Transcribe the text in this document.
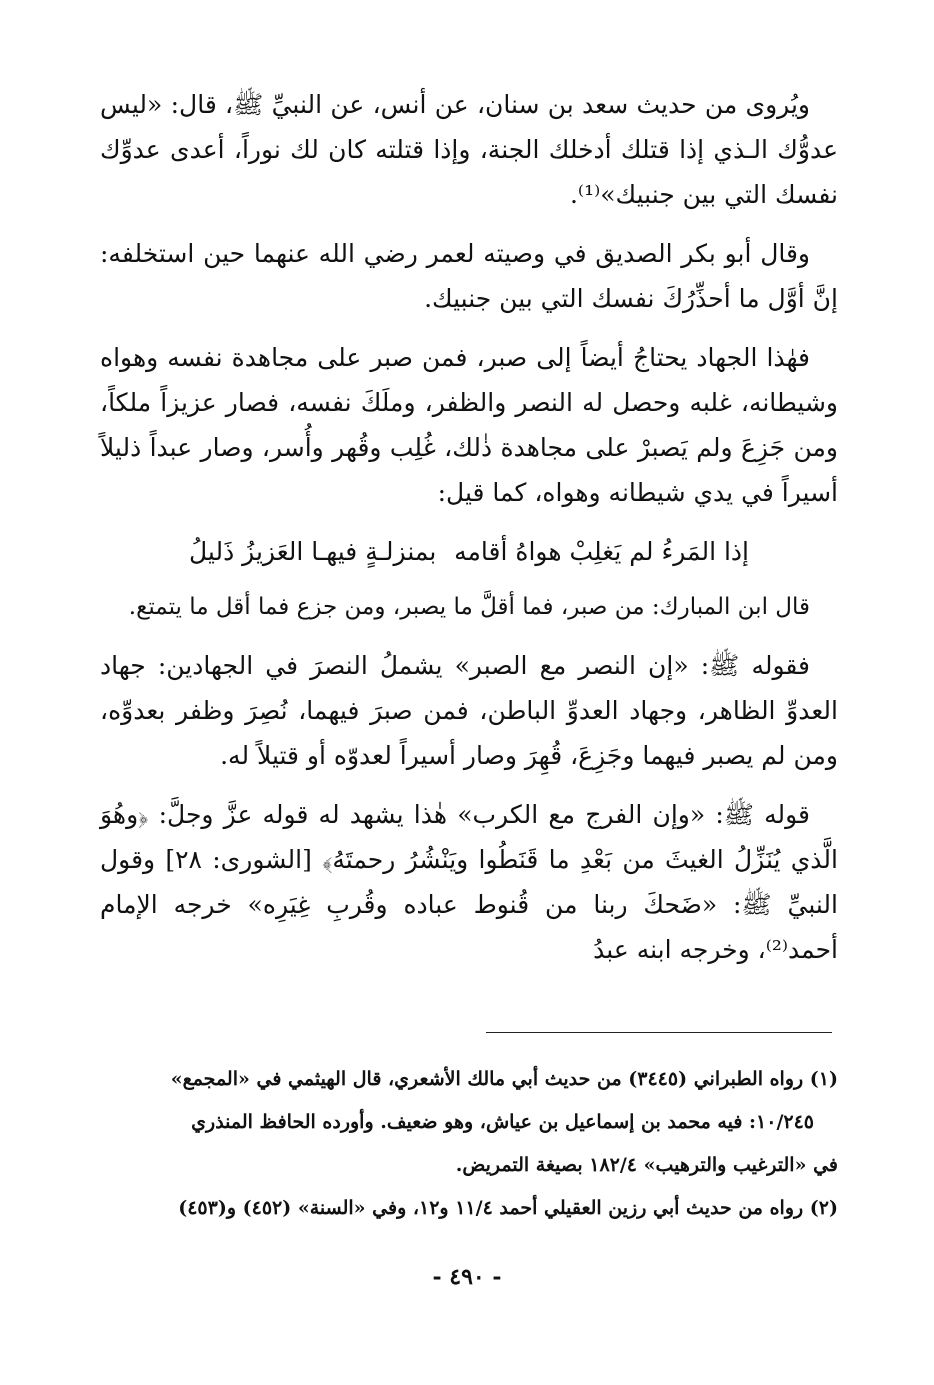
ويُروى من حديث سعد بن سنان، عن أنس، عن النبيِّ ﷺ، قال: «ليس عدوُّك الـذي إذا قتلك أدخلك الجنة، وإذا قتلته كان لك نوراً، أعدى عدوِّك نفسك التي بين جنبيك»⁽¹⁾.

وقال أبو بكر الصديق في وصيته لعمر رضي الله عنهما حين استخلفه: إنَّ أوَّل ما أحذِّرُكَ نفسك التي بين جنبيك.

فهٰذا الجهاد يحتاجُ أيضاً إلى صبر، فمن صبر على مجاهدة نفسه وهواه وشيطانه، غلبه وحصل له النصر والظفر، وملَكَ نفسه، فصار عزيزاً ملكاً، ومن جَزِعَ ولم يَصبرْ على مجاهدة ذٰلك، غُلِب وقُهر وأُسر، وصار عبداً ذليلاً أسيراً في يدي شيطانه وهواه، كما قيل:

إذا المَرءُ لم يَغلِبْ هواهُ أقامه
بمنزلـةٍ فيهـا العَزيزُ ذَليلُ

قال ابن المبارك: من صبر، فما أقلَّ ما يصبر، ومن جزع فما أقل ما يتمتع.

فقوله ﷺ: «إن النصر مع الصبر» يشملُ النصرَ في الجهادين: جهاد العدوِّ الظاهر، وجهاد العدوِّ الباطن، فمن صبرَ فيهما، نُصِرَ وظفر بعدوِّه، ومن لم يصبر فيهما وجَزِعَ، قُهِرَ وصار أسيراً لعدوّه أو قتيلاً له.

قوله ﷺ: «وإن الفرج مع الكرب» هٰذا يشهد له قوله عزَّ وجلَّ: ﴿وهُوَ الَّذي يُنَزِّلُ الغيثَ من بَعْدِ ما قَنَطُوا ويَنْشُرُ رحمتَهُ﴾ [الشورى: ٢٨] وقول النبيِّ ﷺ: «ضَحكَ ربنا من قُنوط عباده وقُربِ غِيَرِه» خرجه الإمام أحمد⁽²⁾، وخرجه ابنه عبدُ

(١) رواه الطبراني (٣٤٤٥) من حديث أبي مالك الأشعري، قال الهيثمي في «المجمع»

١٠/٢٤٥: فيه محمد بن إسماعيل بن عياش، وهو ضعيف. وأورده الحافظ المنذري

في «الترغيب والترهيب» ١٨٢/٤ بصيغة التمريض.

(٢) رواه من حديث أبي رزين العقيلي أحمد ١١/٤ و١٢، وفي «السنة» (٤٥٢) و(٤٥٣)

- ٤٩٠ -
